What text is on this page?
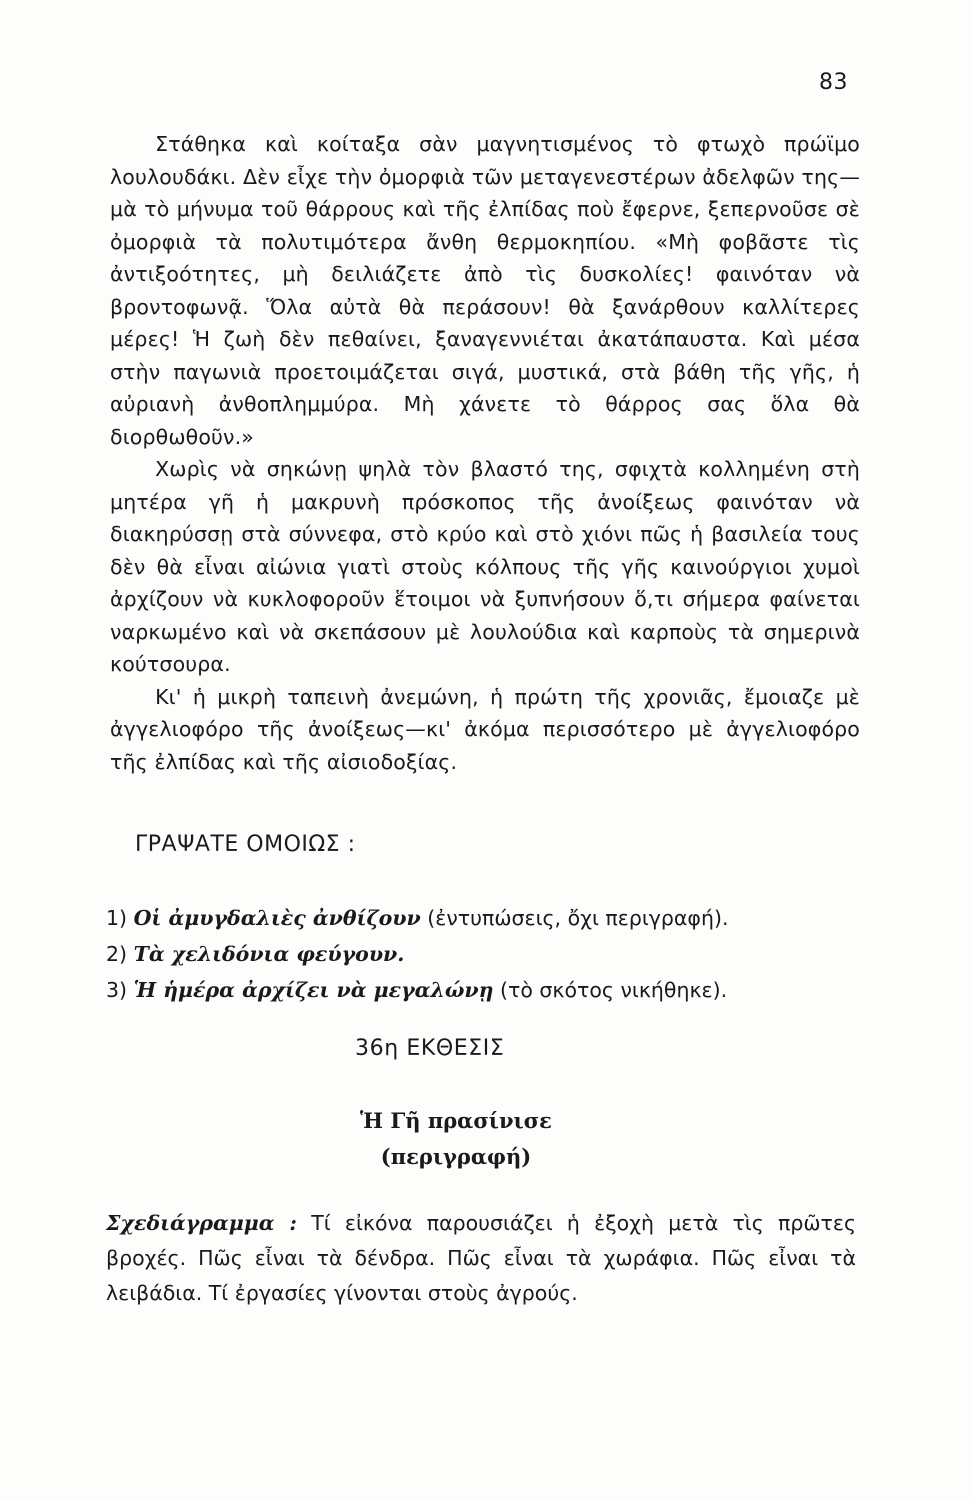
83

Στάθηκα καὶ κοίταξα σὰν μαγνητισμένος τὸ φτωχὸ πρώϊμο λουλουδάκι. Δὲν εἶχε τὴν ὀμορφιὰ τῶν μεταγενεστέρων ἀδελφῶν της—μὰ τὸ μήνυμα τοῦ θάρρους καὶ τῆς ἐλπίδας ποὺ ἔφερνε, ξεπερνοῦσε σὲ ὀμορφιὰ τὰ πολυτιμότερα ἄνθη θερμοκηπίου. «Μὴ φοβᾶστε τὶς ἀντιξοότητες, μὴ δειλιάζετε ἀπὸ τὶς δυσκολίες! φαινόταν νὰ βροντοφωνᾷ. Ὅλα αὐτὰ θὰ περάσουν! θὰ ξανάρθουν καλλίτερες μέρες! Ἡ ζωὴ δὲν πεθαίνει, ξαναγεννιέται ἀκατάπαυστα. Καὶ μέσα στὴν παγωνιὰ προετοιμάζεται σιγά, μυστικά, στὰ βάθη τῆς γῆς, ἡ αὐριανὴ ἀνθοπλημμύρα. Μὴ χάνετε τὸ θάρρος σας ὅλα θὰ διορθωθοῦν.»

Χωρὶς νὰ σηκώνῃ ψηλὰ τὸν βλαστό της, σφιχτὰ κολλημένη στὴ μητέρα γῆ ἡ μακρυνὴ πρόσκοπος τῆς ἀνοίξεως φαινόταν νὰ διακηρύσσῃ στὰ σύννεφα, στὸ κρύο καὶ στὸ χιόνι πῶς ἡ βασιλεία τους δὲν θὰ εἶναι αἰώνια γιατὶ στοὺς κόλπους τῆς γῆς καινούργιοι χυμοὶ ἀρχίζουν νὰ κυκλοφοροῦν ἕτοιμοι νὰ ξυπνήσουν ὅ,τι σήμερα φαίνεται ναρκωμένο καὶ νὰ σκεπάσουν μὲ λουλούδια καὶ καρποὺς τὰ σημερινὰ κούτσουρα.

Κι' ἡ μικρὴ ταπεινὴ ἀνεμώνη, ἡ πρώτη τῆς χρονιᾶς, ἔμοιαζε μὲ ἀγγελιοφόρο τῆς ἀνοίξεως—κι' ἀκόμα περισσότερο μὲ ἀγγελιοφόρο τῆς ἐλπίδας καὶ τῆς αἰσιοδοξίας.

ΓΡΑΨΑΤΕ ΟΜΟΙΩΣ :
1) Οἱ ἀμυγδαλιὲς ἀνθίζουν (ἐντυπώσεις, ὄχι περιγραφή).
2) Τὰ χελιδόνια φεύγουν.
3) Ἡ ἡμέρα ἀρχίζει νὰ μεγαλώνῃ (τὸ σκότος νικήθηκε).
36η ΕΚΘΕΣΙΣ
Ἡ Γῆ πρασίνισε
(περιγραφή)
Σχεδιάγραμμα : Τί εἰκόνα παρουσιάζει ἡ ἐξοχὴ μετὰ τὶς πρῶτες βροχές. Πῶς εἶναι τὰ δένδρα. Πῶς εἶναι τὰ χωράφια. Πῶς εἶναι τὰ λειβάδια. Τί ἐργασίες γίνονται στοὺς ἀγρούς.
